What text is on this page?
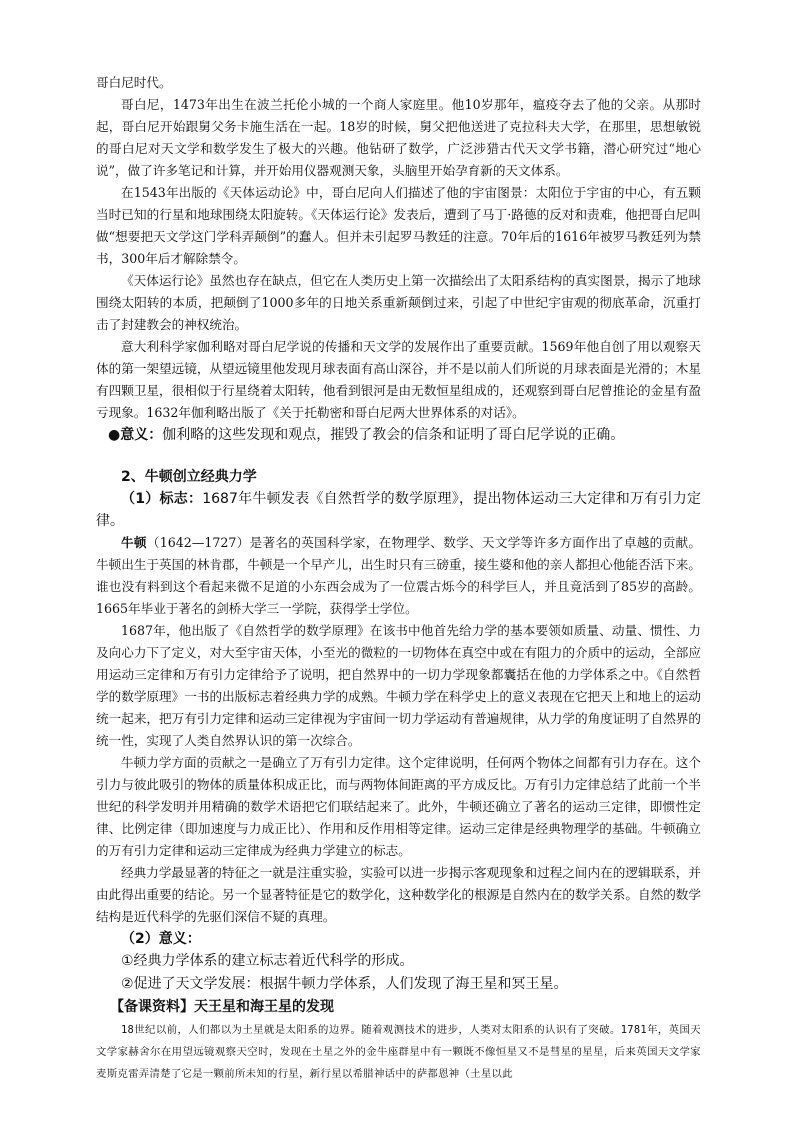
哥白尼时代。

哥白尼，1473年出生在波兰托伦小城的一个商人家庭里。他10岁那年，瘟疫夺去了他的父亲。从那时起，哥白尼开始跟舅父务卡施生活在一起。18岁的时候，舅父把他送进了克拉科夫大学，在那里，思想敏锐的哥白尼对天文学和数学发生了极大的兴趣。他钻研了数学，广泛涉猎古代天文学书籍，潜心研究过“地心说”，做了许多笔记和计算，并开始用仪器观测天象，头脑里开始孕育新的天文体系。

在1543年出版的《天体运动论》中，哥白尼向人们描述了他的宇宙图景：太阳位于宇宙的中心，有五颗当时已知的行星和地球围绕太阳旋转。《天体运行论》发表后，遭到了马丁·路德的反对和责难，他把哥白尼叫做“想要把天文学这门学科弄颠倒”的蠢人。但并未引起罗马教廷的注意。70年后的1616年被罗马教廷列为禁书，300年后才解除禁令。

《天体运行论》虽然也存在缺点，但它在人类历史上第一次描绘出了太阳系结构的真实图景，揭示了地球围绕太阳转的本质，把颠倒了1000多年的日地关系重新颠倒过来，引起了中世纪宇宙观的彻底革命，沉重打击了封建教会的神权统治。

意大利科学家伽利略对哥白尼学说的传播和天文学的发展作出了重要贡献。1569年他自创了用以观察天体的第一架望远镜，从望远镜里他发现月球表面有高山深谷，并不是以前人们所说的月球表面是光滑的；木星有四颗卫星，很相似于行星绕着太阳转，他看到银河是由无数恒星组成的，还观察到哥白尼曾推论的金星有盈亏现象。1632年伽利略出版了《关于托勒密和哥白尼两大世界体系的对话》。

●意义：伽利略的这些发现和观点，摧毁了教会的信条和证明了哥白尼学说的正确。

2、牛顿创立经典力学

（1）标志：1687年牛顿发表《自然哲学的数学原理》，提出物体运动三大定律和万有引力定律。

牛顿（1642—1727）是著名的英国科学家，在物理学、数学、天文学等许多方面作出了卓越的贡献。牛顿出生于英国的林肯郡，牛顿是一个早产儿，出生时只有三磅重，接生婆和他的亲人都担心他能否活下来。谁也没有料到这个看起来微不足道的小东西会成为了一位震古烁今的科学巨人，并且竟活到了85岁的高龄。1665年毕业于著名的剑桥大学三一学院，获得学士学位。

1687年，他出版了《自然哲学的数学原理》在该书中他首先给力学的基本要领如质量、动量、惯性、力及向心力下了定义，对大至宇宙天体，小至光的微粒的一切物体在真空中或在有阻力的介质中的运动，全部应用运动三定律和万有引力定律给予了说明，把自然界中的一切力学现象都囊括在他的力学体系之中。《自然哲学的数学原理》一书的出版标志着经典力学的成熟。牛顿力学在科学史上的意义表现在它把天上和地上的运动统一起来，把万有引力定律和运动三定律视为宇宙间一切力学运动有普遍规律，从力学的角度证明了自然界的统一性，实现了人类自然界认识的第一次综合。

牛顿力学方面的贡献之一是确立了万有引力定律。这个定律说明，任何两个物体之间都有引力存在。这个引力与彼此吸引的物体的质量体积成正比，而与两物体间距离的平方成反比。万有引力定律总结了此前一个半世纪的科学发明并用精确的数学术语把它们联结起来了。此外，牛顿还确立了著名的运动三定律，即惯性定律、比例定律（即加速度与力成正比）、作用和反作用相等定律。运动三定律是经典物理学的基础。牛顿确立的万有引力定律和运动三定律成为经典力学建立的标志。

经典力学最显著的特征之一就是注重实验，实验可以进一步揭示客观现象和过程之间内在的逻辑联系，并由此得出重要的结论。另一个显著特征是它的数学化，这种数学化的根源是自然内在的数学关系。自然的数学结构是近代科学的先驱们深信不疑的真理。

（2）意义：

①经典力学体系的建立标志着近代科学的形成。

②促进了天文学发展：根据牛顿力学体系，人们发现了海王星和冥王星。

【备课资料】天王星和海王星的发现

18世纪以前，人们都以为土星就是太阳系的边界。随着观测技术的进步，人类对太阳系的认识有了突破。1781年，英国天文学家赫舍尔在用望远镜观察天空时，发现在土星之外的金牛座群星中有一颗既不像恒星又不是彗星的星星，后来英国天文学家麦斯克雷弄清楚了它是一颗前所未知的行星，新行星以希腊神话中的萨都恩神（土星以此
